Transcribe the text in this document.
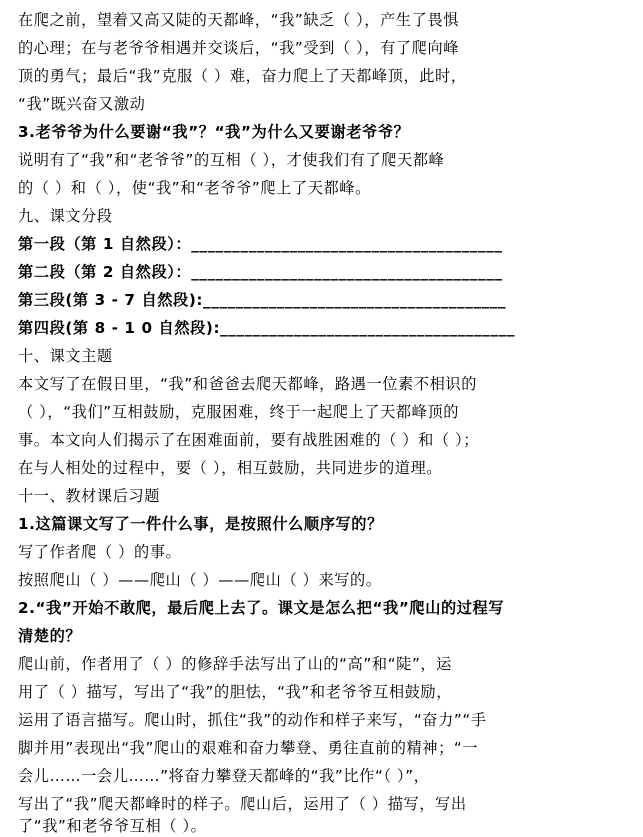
在爬之前，望着又高又陡的天都峰，“我”缺乏（ ），产生了畏惧
的心理；在与老爷爷相遇并交谈后，“我”受到（ ），有了爬向峰
顶的勇气；最后“我”克服（ ）难，奋力爬上了天都峰顶，此时，
“我”既兴奋又激动
3.老爷爷为什么要谢“我”？“我”为什么又要谢老爷爷？
说明有了“我”和“老爷爷”的互相（ ），才使我们有了爬天都峰
的（ ）和（ ），使“我”和“老爷爷”爬上了天都峰。
九、课文分段
第一段（第 1 自然段）：______________________________________
第二段（第 2 自然段）：______________________________________
第三段(第 3 - 7 自然段):_____________________________________
第四段(第 8 - 1 0 自然段):____________________________________
十、课文主题
本文写了在假日里，“我”和爸爸去爬天都峰，路遇一位素不相识的
（ ），“我们”互相鼓励，克服困难，终于一起爬上了天都峰顶的
事。本文向人们揭示了在困难面前，要有战胜困难的（ ）和（ ）；
在与人相处的过程中，要（ ），相互鼓励，共同进步的道理。
十一、教材课后习题
1.这篇课文写了一件什么事，是按照什么顺序写的？
写了作者爬（ ）的事。
按照爬山（ ）——爬山（ ）——爬山（ ）来写的。
2.“我”开始不敢爬，最后爬上去了。课文是怎么把“我”爬山的过程写
清楚的？
爬山前，作者用了（ ）的修辞手法写出了山的“高”和“陡”，运
用了（ ）描写，写出了“我”的胆怯，“我”和老爷爷互相鼓励，
运用了语言描写。爬山时，抓住“我”的动作和样子来写，“奋力”“手
脚并用”表现出“我”爬山的艰难和奋力攀登、勇往直前的精神；“一
会儿……一会儿……”将奋力攀登天都峰的“我”比作“（ ）”，
写出了“我”爬天都峰时的样子。爬山后，运用了（ ）描写，写出
了“我”和老爷爷互相（ ）。
